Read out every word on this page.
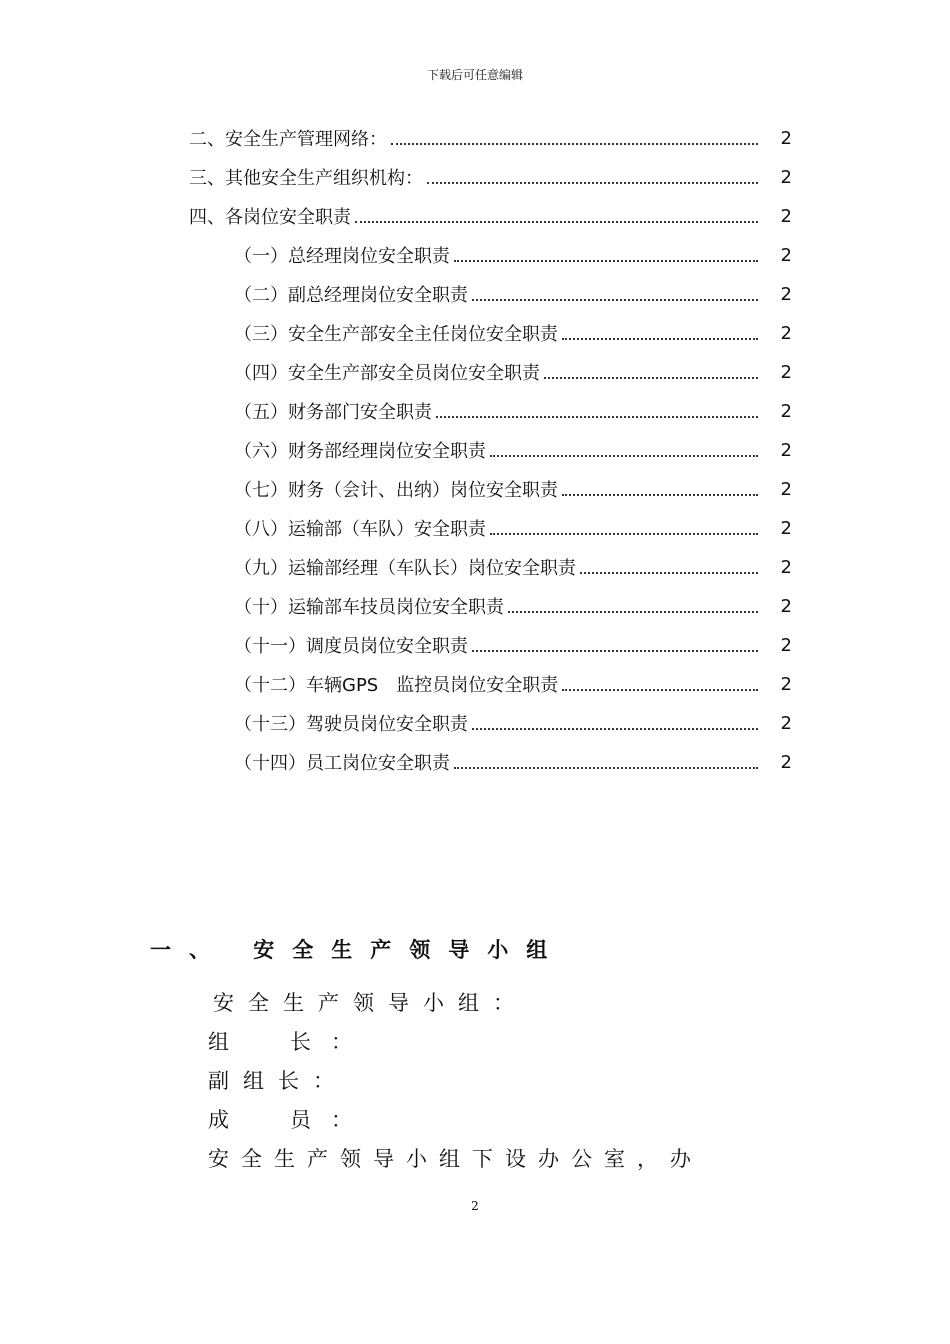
下载后可任意编辑
二、安全生产管理网络：	2
三、其他安全生产组织机构：	2
四、各岗位安全职责	2
（一）总经理岗位安全职责	2
（二）副总经理岗位安全职责	2
（三）安全生产部安全主任岗位安全职责	2
（四）安全生产部安全员岗位安全职责	2
（五）财务部门安全职责	2
（六）财务部经理岗位安全职责	2
（七）财务（会计、出纳）岗位安全职责	2
（八）运输部（车队）安全职责	2
（九）运输部经理（车队长）岗位安全职责	2
（十）运输部车技员岗位安全职责	2
（十一）调度员岗位安全职责	2
（十二）车辆GPS　监控员岗位安全职责	2
（十三）驾驶员岗位安全职责	2
（十四）员工岗位安全职责	2
一、 安全生产领导小组
安全生产领导小组：
组　长：
副组长：
成　员：
安全生产领导小组下设办公室，办
2
